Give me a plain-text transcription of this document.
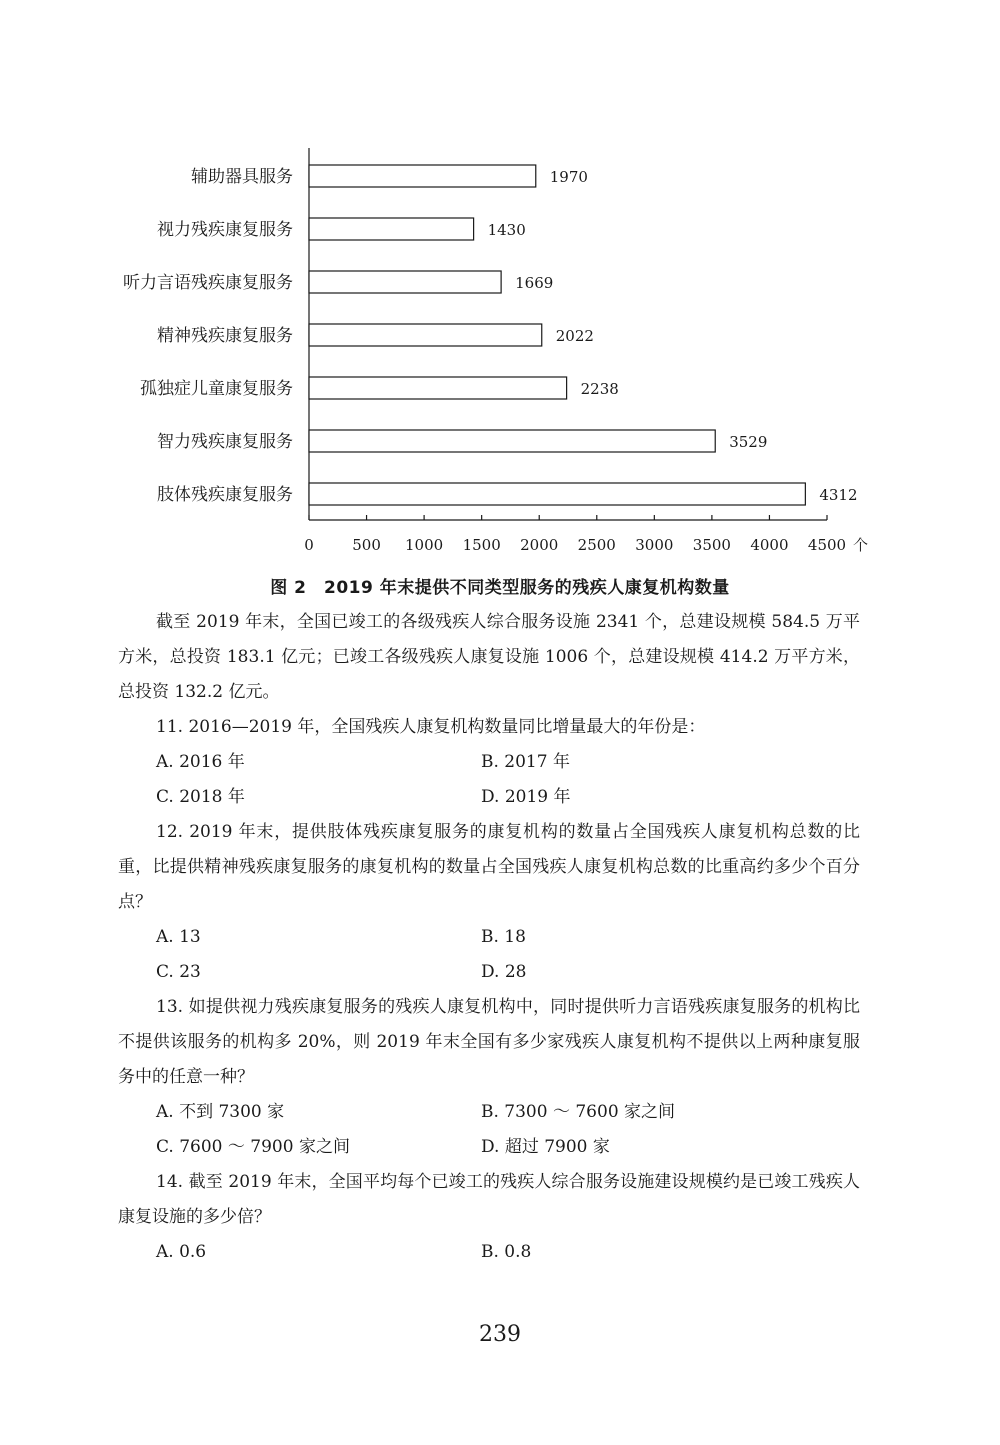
辅助器具服务	1970
视力残疾康复服务	1430
听力言语残疾康复服务	1669
精神残疾康复服务	2022
孤独症儿童康复服务	2238
智力残疾康复服务	3529
肢体残疾康复服务	4312
0	500 1000 1500 2000 2500 3000 3500 4000 4500 个
图 2　2019 年末提供不同类型服务的残疾人康复机构数量

截至 2019 年末，全国已竣工的各级残疾人综合服务设施 2341 个，总建设规模 584.5 万平方米，总投资 183.1 亿元；已竣工各级残疾人康复设施 1006 个，总建设规模 414.2 万平方米，总投资 132.2 亿元。

11. 2016—2019 年，全国残疾人康复机构数量同比增量最大的年份是：

A. 2016 年	B. 2017 年
C. 2018 年	D. 2019 年

12. 2019 年末，提供肢体残疾康复服务的康复机构的数量占全国残疾人康复机构总数的比重，比提供精神残疾康复服务的康复机构的数量占全国残疾人康复机构总数的比重高约多少个百分点？

A. 13	B. 18
C. 23	D. 28

13. 如提供视力残疾康复服务的残疾人康复机构中，同时提供听力言语残疾康复服务的机构比不提供该服务的机构多 20%，则 2019 年末全国有多少家残疾人康复机构不提供以上两种康复服务中的任意一种？

A. 不到 7300 家	B. 7300 ～ 7600 家之间
C. 7600 ～ 7900 家之间	D. 超过 7900 家

14. 截至 2019 年末，全国平均每个已竣工的残疾人综合服务设施建设规模约是已竣工残疾人康复设施的多少倍？

A. 0.6	B. 0.8
239
